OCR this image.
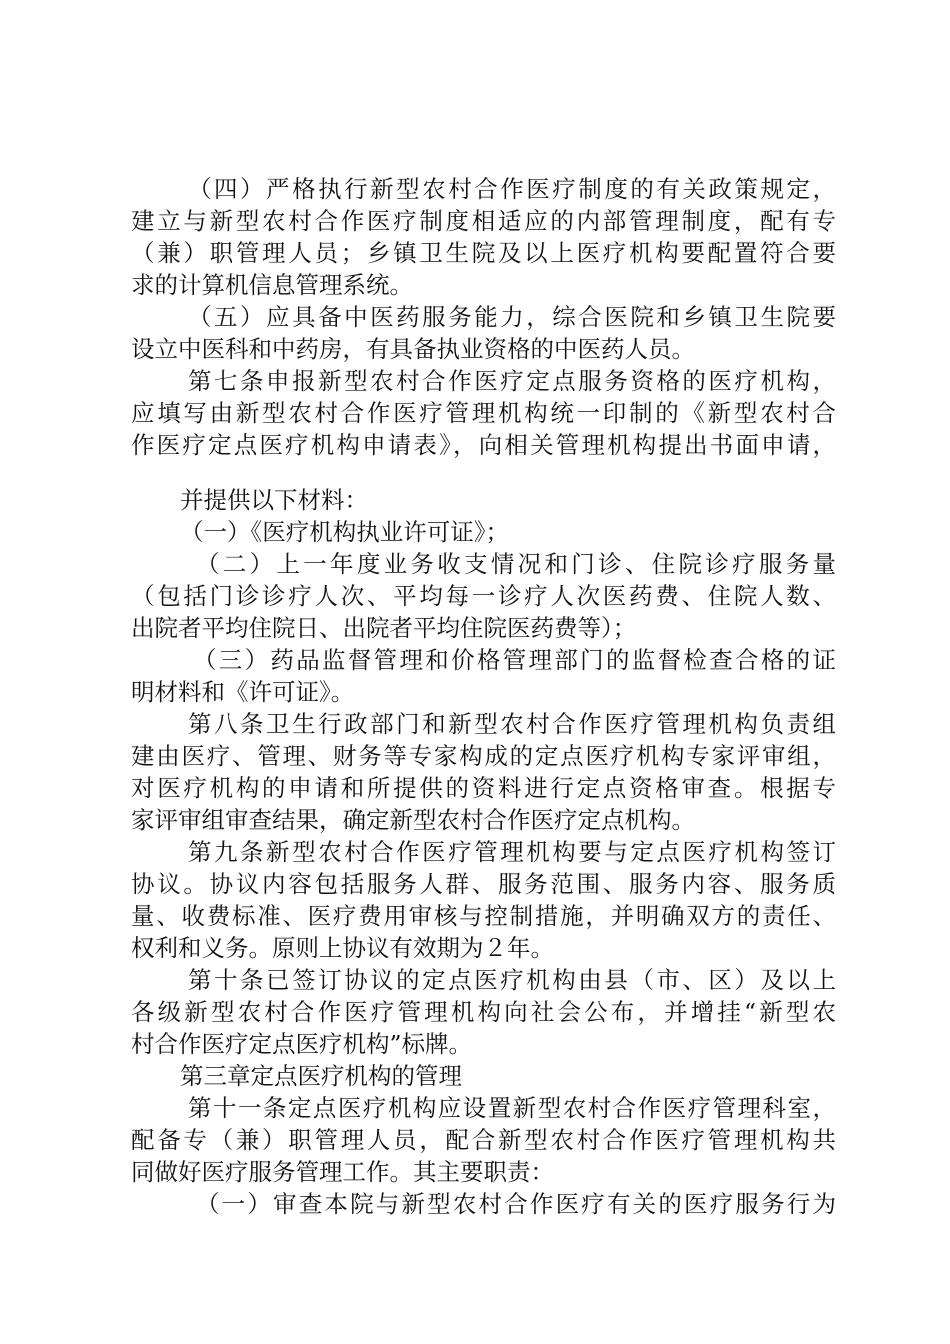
（四）严格执行新型农村合作医疗制度的有关政策规定，
建立与新型农村合作医疗制度相适应的内部管理制度，配有专
（兼）职管理人员；乡镇卫生院及以上医疗机构要配置符合要
求的计算机信息管理系统。
（五）应具备中医药服务能力，综合医院和乡镇卫生院要
设立中医科和中药房，有具备执业资格的中医药人员。
第七条申报新型农村合作医疗定点服务资格的医疗机构，
应填写由新型农村合作医疗管理机构统一印制的《新型农村合
作医疗定点医疗机构申请表》，向相关管理机构提出书面申请，
并提供以下材料：
（一）《医疗机构执业许可证》；
（二）上一年度业务收支情况和门诊、住院诊疗服务量
（包括门诊诊疗人次、平均每一诊疗人次医药费、住院人数、
出院者平均住院日、出院者平均住院医药费等）；
（三）药品监督管理和价格管理部门的监督检查合格的证
明材料和《许可证》。
第八条卫生行政部门和新型农村合作医疗管理机构负责组
建由医疗、管理、财务等专家构成的定点医疗机构专家评审组，
对医疗机构的申请和所提供的资料进行定点资格审查。根据专
家评审组审查结果，确定新型农村合作医疗定点机构。
第九条新型农村合作医疗管理机构要与定点医疗机构签订
协议。协议内容包括服务人群、服务范围、服务内容、服务质
量、收费标准、医疗费用审核与控制措施，并明确双方的责任、
权利和义务。原则上协议有效期为２年。
第十条已签订协议的定点医疗机构由县（市、区）及以上
各级新型农村合作医疗管理机构向社会公布，并增挂“新型农
村合作医疗定点医疗机构”标牌。
第三章定点医疗机构的管理
第十一条定点医疗机构应设置新型农村合作医疗管理科室，
配备专（兼）职管理人员，配合新型农村合作医疗管理机构共
同做好医疗服务管理工作。其主要职责：
（一）审查本院与新型农村合作医疗有关的医疗服务行为
